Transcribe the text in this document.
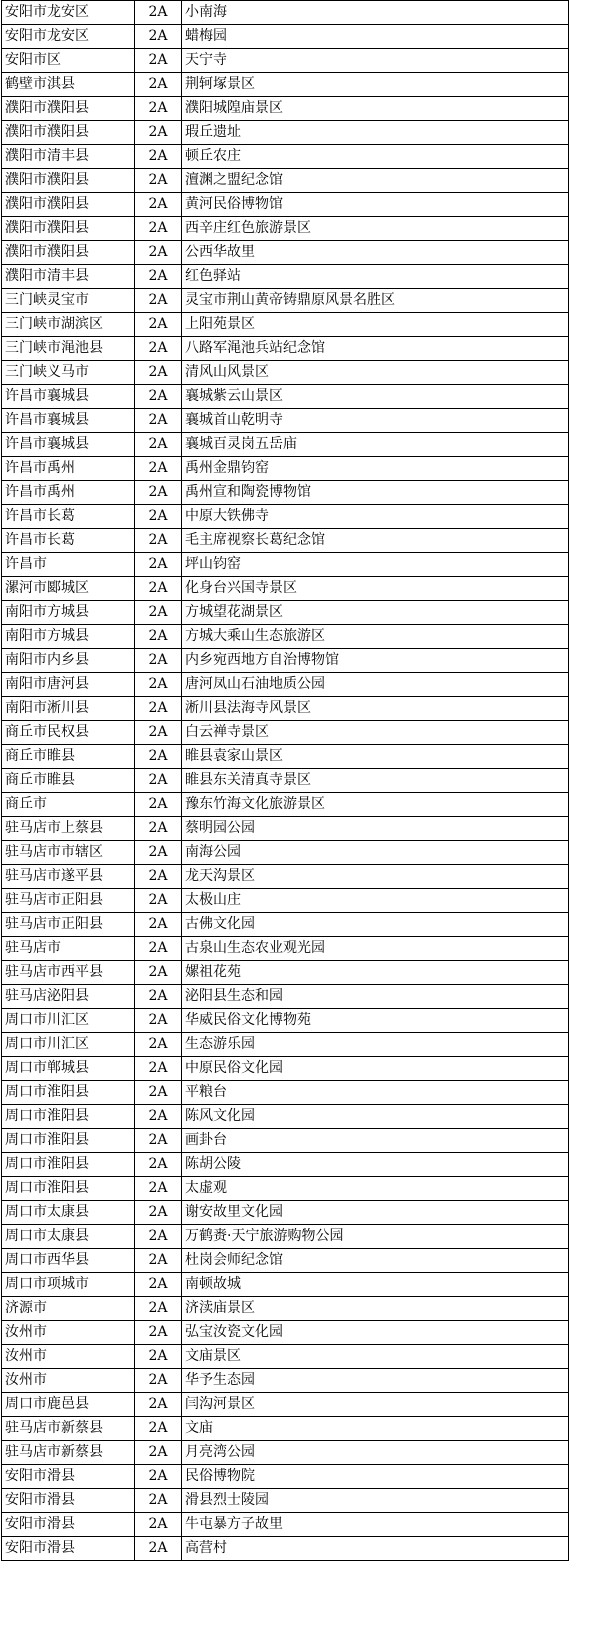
安阳市龙安区	2A	小南海
安阳市龙安区	2A	蜡梅园
安阳市区	2A	天宁寺
鹤壁市淇县	2A	荆轲塚景区
濮阳市濮阳县	2A	濮阳城隍庙景区
濮阳市濮阳县	2A	瑕丘遗址
濮阳市清丰县	2A	顿丘农庄
濮阳市濮阳县	2A	澶渊之盟纪念馆
濮阳市濮阳县	2A	黄河民俗博物馆
濮阳市濮阳县	2A	西辛庄红色旅游景区
濮阳市濮阳县	2A	公西华故里
濮阳市清丰县	2A	红色驿站
三门峡灵宝市	2A	灵宝市荆山黄帝铸鼎原风景名胜区
三门峡市湖滨区	2A	上阳苑景区
三门峡市渑池县	2A	八路军渑池兵站纪念馆
三门峡义马市	2A	清风山风景区
许昌市襄城县	2A	襄城紫云山景区
许昌市襄城县	2A	襄城首山乾明寺
许昌市襄城县	2A	襄城百灵岗五岳庙
许昌市禹州	2A	禹州金鼎钧窑
许昌市禹州	2A	禹州宣和陶瓷博物馆
许昌市长葛	2A	中原大铁佛寺
许昌市长葛	2A	毛主席视察长葛纪念馆
许昌市	2A	坪山钧窑
漯河市郾城区	2A	化身台兴国寺景区
南阳市方城县	2A	方城望花湖景区
南阳市方城县	2A	方城大乘山生态旅游区
南阳市内乡县	2A	内乡宛西地方自治博物馆
南阳市唐河县	2A	唐河凤山石油地质公园
南阳市淅川县	2A	淅川县法海寺风景区
商丘市民权县	2A	白云禅寺景区
商丘市睢县	2A	睢县袁家山景区
商丘市睢县	2A	睢县东关清真寺景区
商丘市	2A	豫东竹海文化旅游景区
驻马店市上蔡县	2A	蔡明园公园
驻马店市市辖区	2A	南海公园
驻马店市遂平县	2A	龙天沟景区
驻马店市正阳县	2A	太极山庄
驻马店市正阳县	2A	古佛文化园
驻马店市	2A	古泉山生态农业观光园
驻马店市西平县	2A	嫘祖花苑
驻马店泌阳县	2A	泌阳县生态和园
周口市川汇区	2A	华威民俗文化博物苑
周口市川汇区	2A	生态游乐园
周口市郸城县	2A	中原民俗文化园
周口市淮阳县	2A	平粮台
周口市淮阳县	2A	陈风文化园
周口市淮阳县	2A	画卦台
周口市淮阳县	2A	陈胡公陵
周口市淮阳县	2A	太虚观
周口市太康县	2A	谢安故里文化园
周口市太康县	2A	万鹤赉·天宁旅游购物公园
周口市西华县	2A	杜岗会师纪念馆
周口市项城市	2A	南顿故城
济源市	2A	济渎庙景区
汝州市	2A	弘宝汝瓷文化园
汝州市	2A	文庙景区
汝州市	2A	华予生态园
周口市鹿邑县	2A	闫沟河景区
驻马店市新蔡县	2A	文庙
驻马店市新蔡县	2A	月亮湾公园
安阳市滑县	2A	民俗博物院
安阳市滑县	2A	滑县烈士陵园
安阳市滑县	2A	牛屯暴方子故里
安阳市滑县	2A	高营村
